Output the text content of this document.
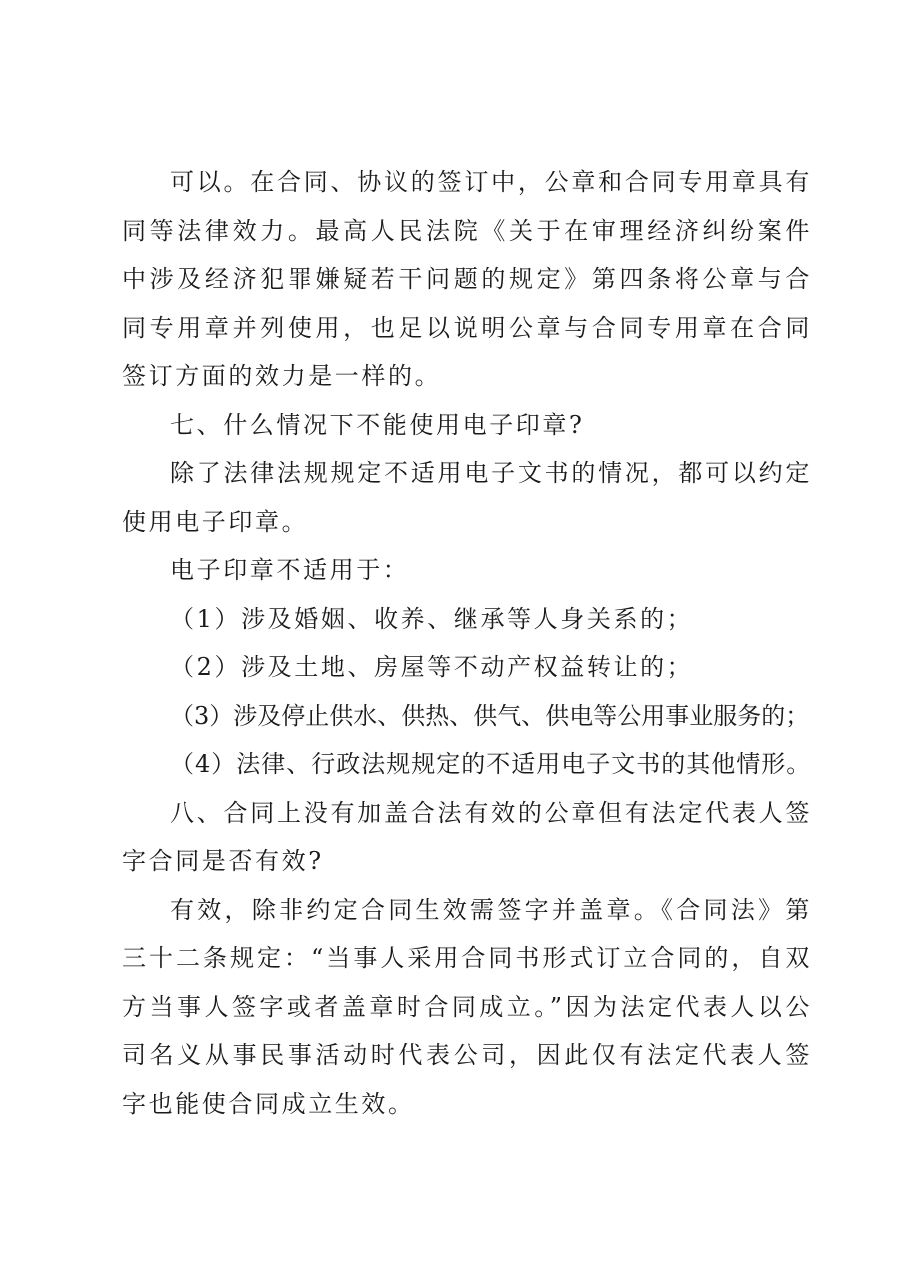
可以。在合同、协议的签订中，公章和合同专用章具有同等法律效力。最高人民法院《关于在审理经济纠纷案件中涉及经济犯罪嫌疑若干问题的规定》第四条将公章与合同专用章并列使用，也足以说明公章与合同专用章在合同签订方面的效力是一样的。

七、什么情况下不能使用电子印章?

除了法律法规规定不适用电子文书的情况，都可以约定使用电子印章。

电子印章不适用于：

（1）涉及婚姻、收养、继承等人身关系的；

（2）涉及土地、房屋等不动产权益转让的；

（3）涉及停止供水、供热、供气、供电等公用事业服务的；

（4）法律、行政法规规定的不适用电子文书的其他情形。

八、合同上没有加盖合法有效的公章但有法定代表人签字合同是否有效?

有效，除非约定合同生效需签字并盖章。《合同法》第三十二条规定：“当事人采用合同书形式订立合同的，自双方当事人签字或者盖章时合同成立。”因为法定代表人以公司名义从事民事活动时代表公司，因此仅有法定代表人签字也能使合同成立生效。
